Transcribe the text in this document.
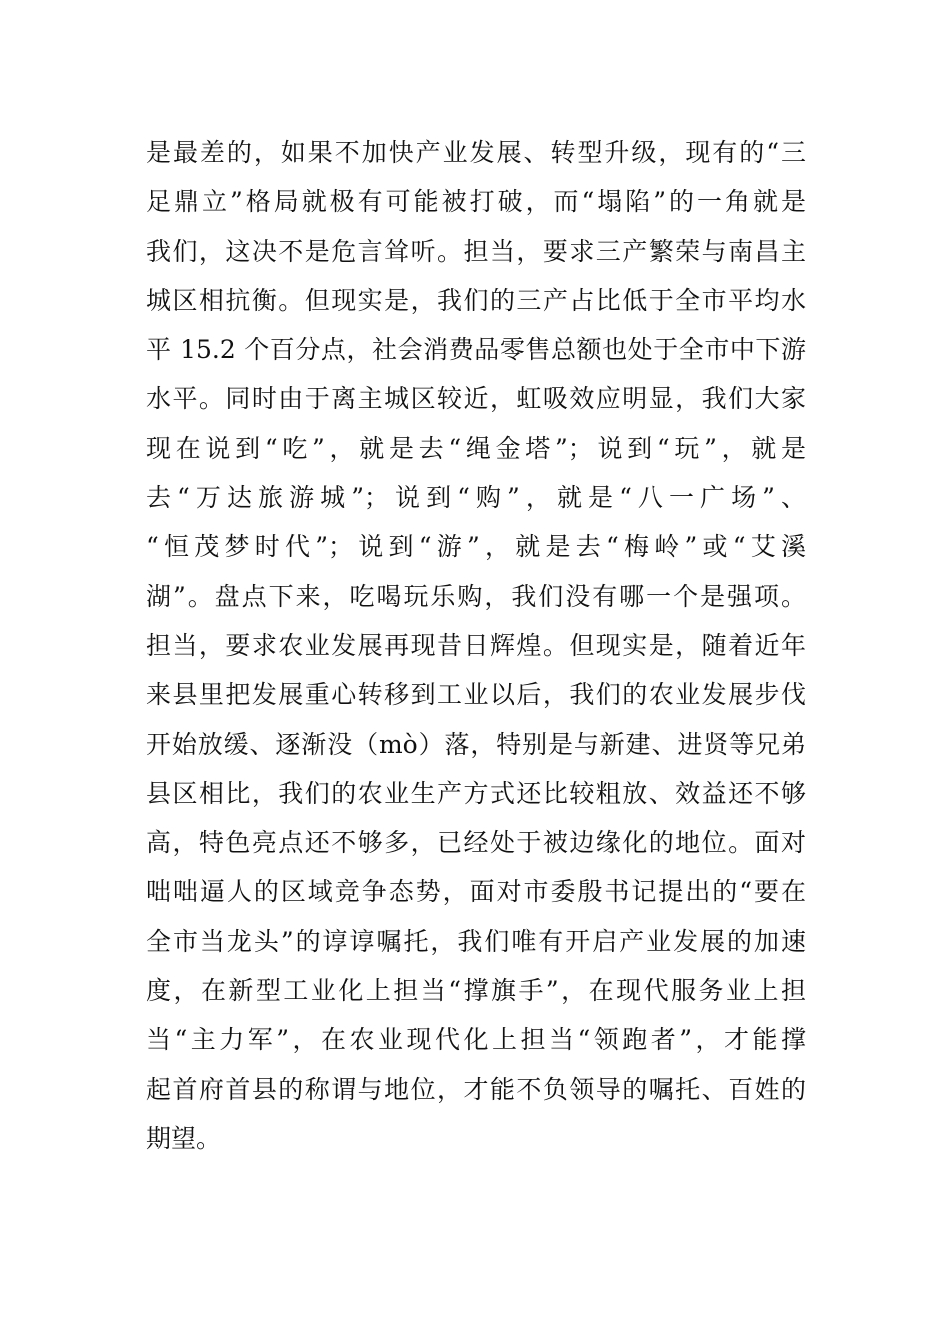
是最差的，如果不加快产业发展、转型升级，现有的“三
足鼎立”格局就极有可能被打破，而“塌陷”的一角就是
我们，这决不是危言耸听。担当，要求三产繁荣与南昌主
城区相抗衡。但现实是，我们的三产占比低于全市平均水
平 15.2 个百分点，社会消费品零售总额也处于全市中下游
水平。同时由于离主城区较近，虹吸效应明显，我们大家
现在说到“吃”，就是去“绳金塔”；说到“玩”，就是
去“万达旅游城”；说到“购”，就是“八一广场”、
“恒茂梦时代”；说到“游”，就是去“梅岭”或“艾溪
湖”。盘点下来，吃喝玩乐购，我们没有哪一个是强项。
担当，要求农业发展再现昔日辉煌。但现实是，随着近年
来县里把发展重心转移到工业以后，我们的农业发展步伐
开始放缓、逐渐没（mò）落，特别是与新建、进贤等兄弟
县区相比，我们的农业生产方式还比较粗放、效益还不够
高，特色亮点还不够多，已经处于被边缘化的地位。面对
咄咄逼人的区域竞争态势，面对市委殷书记提出的“要在
全市当龙头”的谆谆嘱托，我们唯有开启产业发展的加速
度，在新型工业化上担当“撑旗手”，在现代服务业上担
当“主力军”，在农业现代化上担当“领跑者”，才能撑
起首府首县的称谓与地位，才能不负领导的嘱托、百姓的
期望。
